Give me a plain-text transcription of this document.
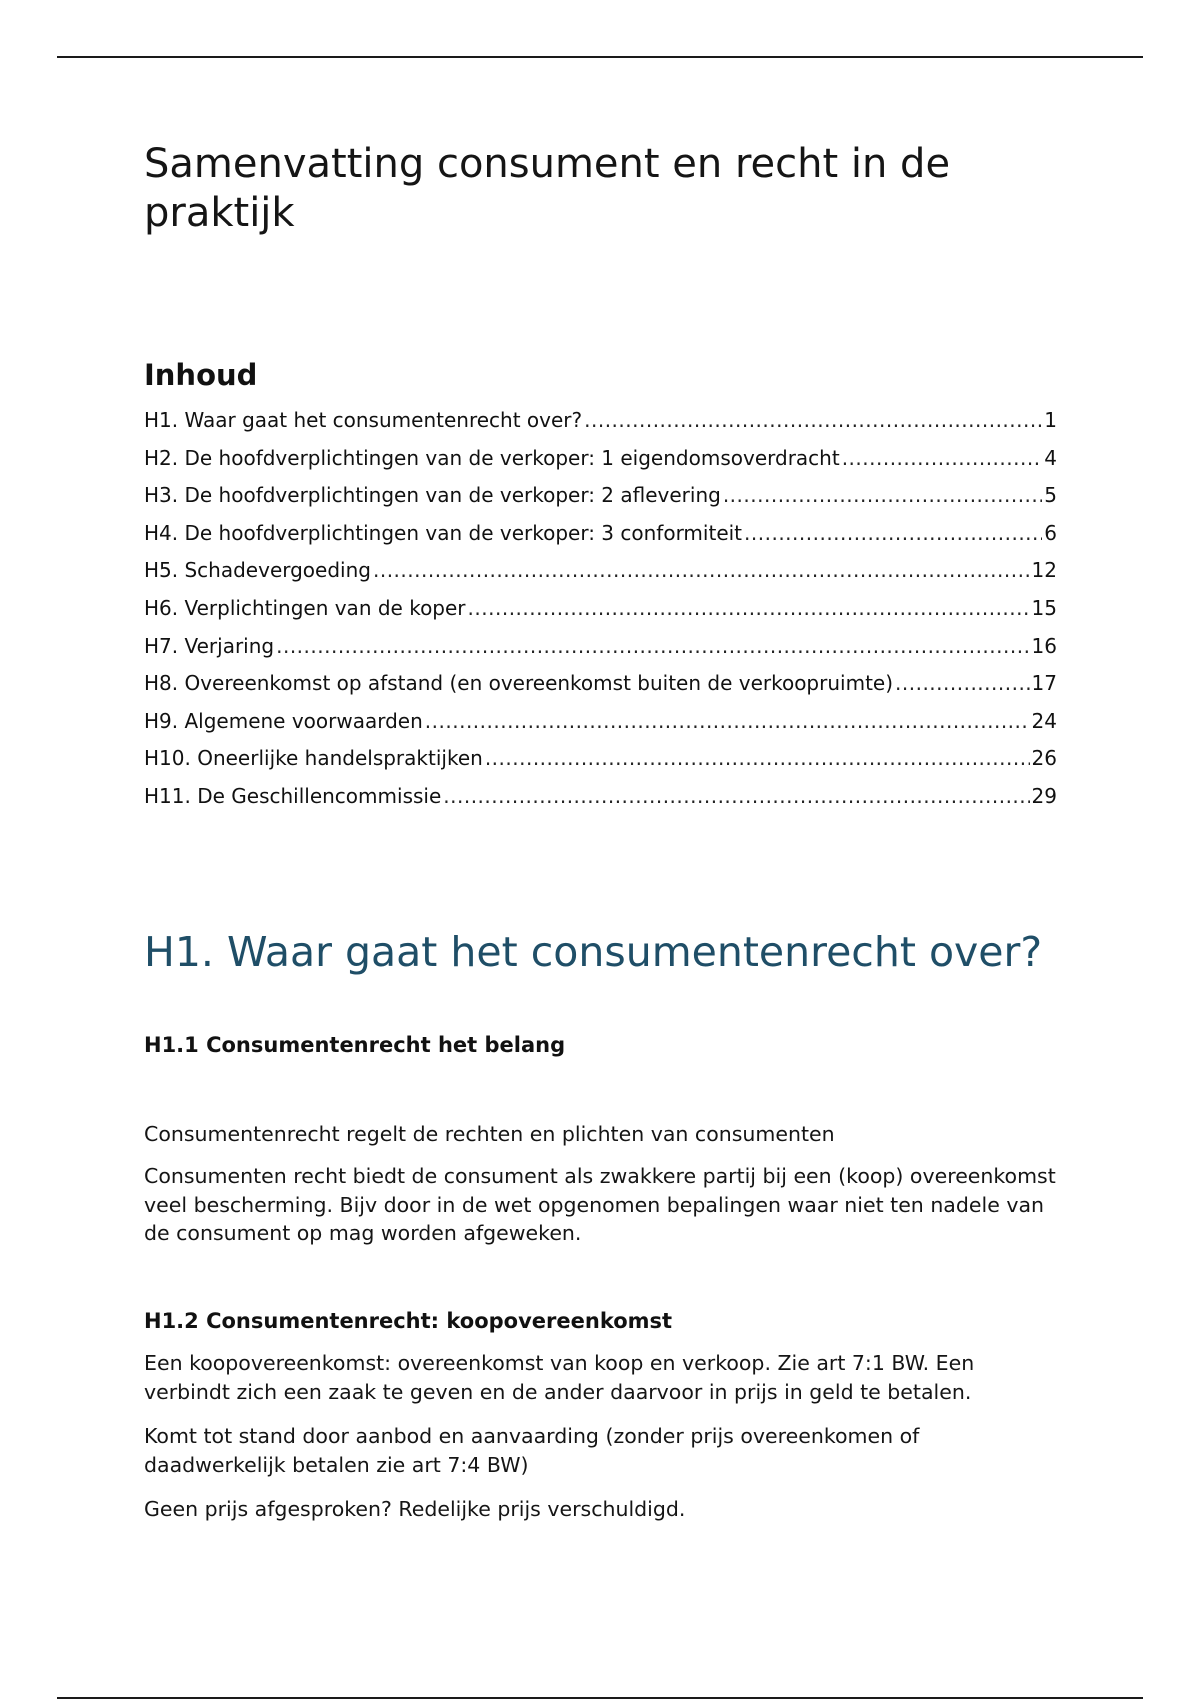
Samenvatting consument en recht in de praktijk
Inhoud
H1. Waar gaat het consumentenrecht over? .....	1
H2. De hoofdverplichtingen van de verkoper: 1 eigendomsoverdracht .....	4
H3. De hoofdverplichtingen van de verkoper: 2 aflevering .....	5
H4. De hoofdverplichtingen van de verkoper: 3 conformiteit .....	6
H5. Schadevergoeding .....	12
H6. Verplichtingen van de koper .....	15
H7. Verjaring .....	16
H8. Overeenkomst op afstand (en overeenkomst buiten de verkoopruimte) .....	17
H9. Algemene voorwaarden .....	24
H10. Oneerlijke handelspraktijken .....	26
H11. De Geschillencommissie .....	29
H1. Waar gaat het consumentenrecht over?
H1.1 Consumentenrecht het belang

Consumentenrecht regelt de rechten en plichten van consumenten

Consumenten recht biedt de consument als zwakkere partij bij een (koop) overeenkomst veel bescherming. Bijv door in de wet opgenomen bepalingen waar niet ten nadele van de consument op mag worden afgeweken.

H1.2 Consumentenrecht: koopovereenkomst

Een koopovereenkomst: overeenkomst van koop en verkoop. Zie art 7:1 BW. Een verbindt zich een zaak te geven en de ander daarvoor in prijs in geld te betalen.

Komt tot stand door aanbod en aanvaarding (zonder prijs overeenkomen of daadwerkelijk betalen zie art 7:4 BW)

Geen prijs afgesproken? Redelijke prijs verschuldigd.
